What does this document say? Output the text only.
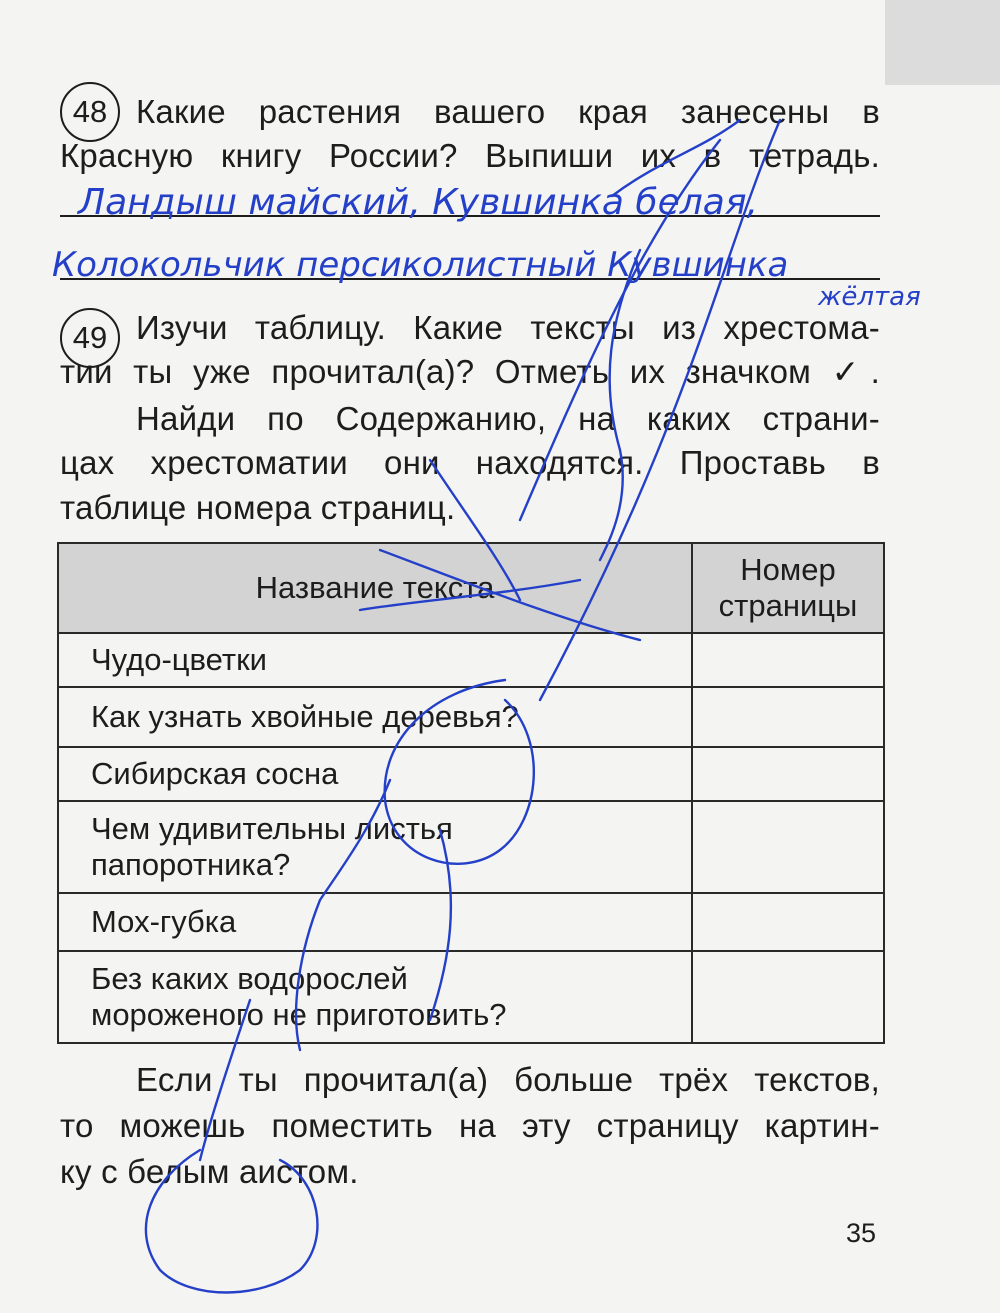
48 Какие растения вашего края занесены в
Красную книгу России? Выпиши их в тетрадь.
49 Изучи таблицу. Какие тексты из хрестома-
тии ты уже прочитал(а)? Отметь их значком ✓.
Найди по Содержанию, на каких страни-
цах хрестоматии они находятся. Проставь в
таблице номера страниц.
Название текста	Номер
страницы

Чудо-цветки	

Как узнать хвойные деревья?	

Сибирская сосна	

Чем удивительны листья
папоротника?	

Мох-губка	

Без каких водорослей
мороженого не приготовить?	

Если ты прочитал(а) больше трёх текстов,
то можешь поместить на эту страницу картин-
ку с белым аистом.
35
Ландыш майский, Кувшинка белая,
Колокольчик персиколистный Кувшинка
жёлтая
